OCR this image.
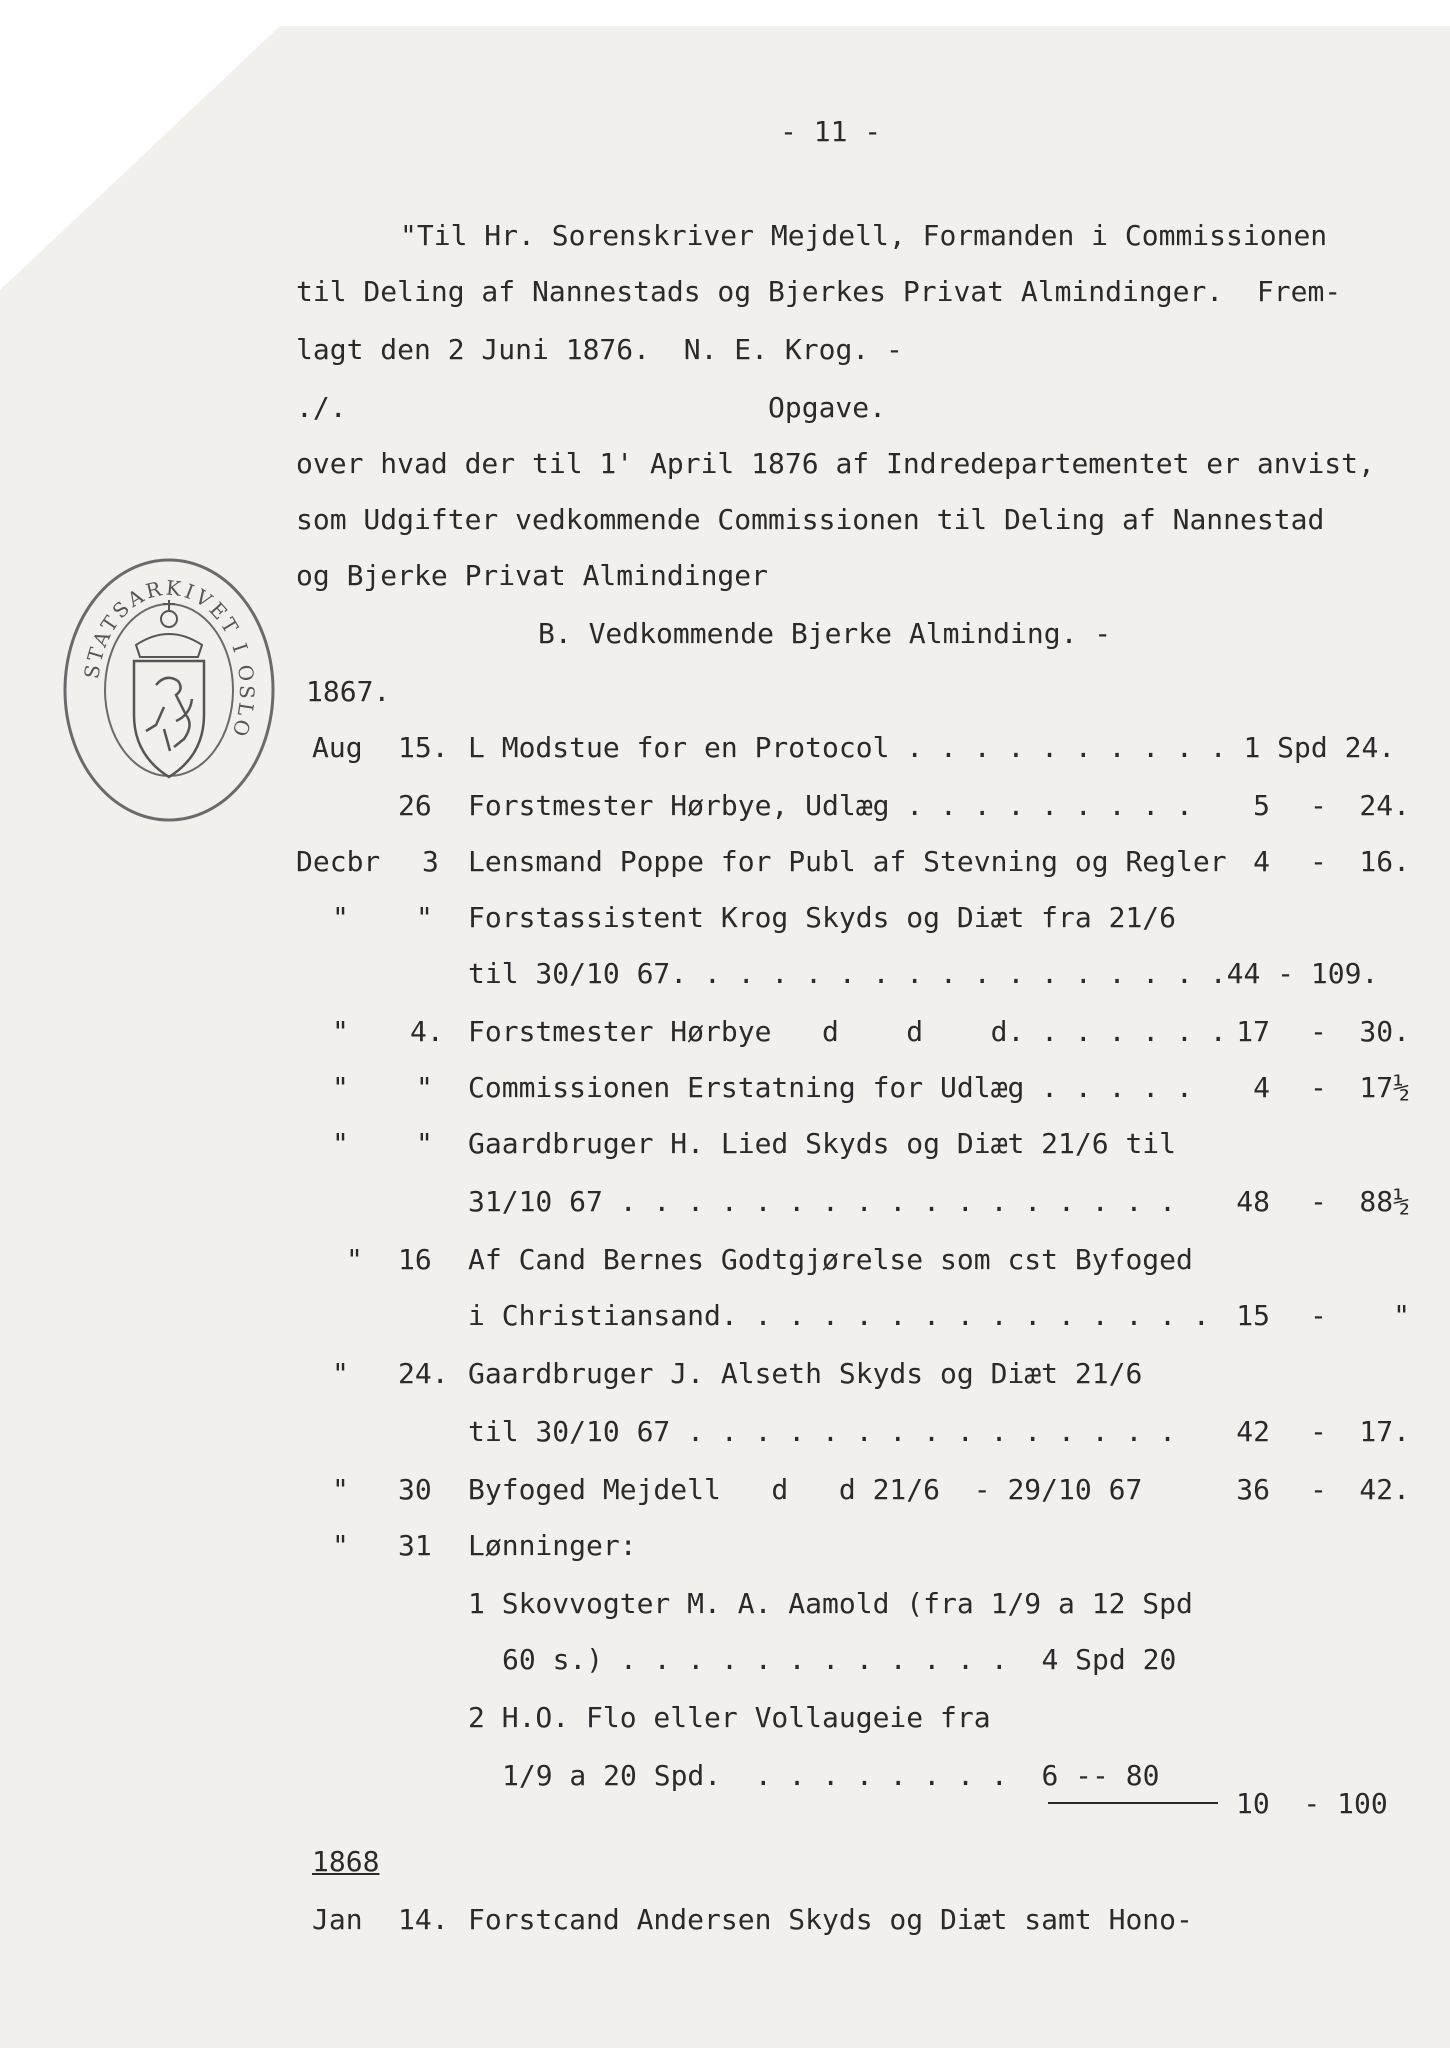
STATSARKIVET I OSLO
- 11 -
"Til Hr. Sorenskriver Mejdell, Formanden i Commissionen
til Deling af Nannestads og Bjerkes Privat Almindinger.  Frem-
lagt den 2 Juni 1876.  N. E. Krog. -
./.	Opgave.
over hvad der til 1' April 1876 af Indredepartementet er anvist,
som Udgifter vedkommende Commissionen til Deling af Nannestad
og Bjerke Privat Almindinger
B. Vedkommende Bjerke Alminding. -
1867.
Aug 15. L Modstue for en Protocol . . . . . . . . . . 1 Spd 24.
26 Forstmester Hørbye, Udlæg . . . . . . . . .	5 -	24.
Decbr 3 Lensmand Poppe for Publ af Stevning og Regler 4 -	16.
" " Forstassistent Krog Skyds og Diæt fra 21/6
til 30/10 67. . . . . . . . . . . . . . . . .44 - 109.
" 4. Forstmester Hørbye   d    d    d. . . . . . . 17 -	30.
" " Commissionen Erstatning for Udlæg . . . . .	4 -	17½
" " Gaardbruger H. Lied Skyds og Diæt 21/6 til
31/10 67 . . . . . . . . . . . . . . . . .	48 -	88½
" 16 Af Cand Bernes Godtgjørelse som cst Byfoged
i Christiansand. . . . . . . . . . . . . . . 15 -	"
" 24. Gaardbruger J. Alseth Skyds og Diæt 21/6
til 30/10 67 . . . . . . . . . . . . . . .	42 -	17.
" 30 Byfoged Mejdell   d   d 21/6  - 29/10 67	36 -	42.
" 31 Lønninger:
1 Skovvogter M. A. Aamold (fra 1/9 a 12 Spd
60 s.) . . . . . . . . . . . .  4 Spd 20
2 H.O. Flo eller Vollaugeie fra
1/9 a 20 Spd.  . . . . . . . .  6 -- 80
10  - 100
1868
Jan 14. Forstcand Andersen Skyds og Diæt samt Hono-
